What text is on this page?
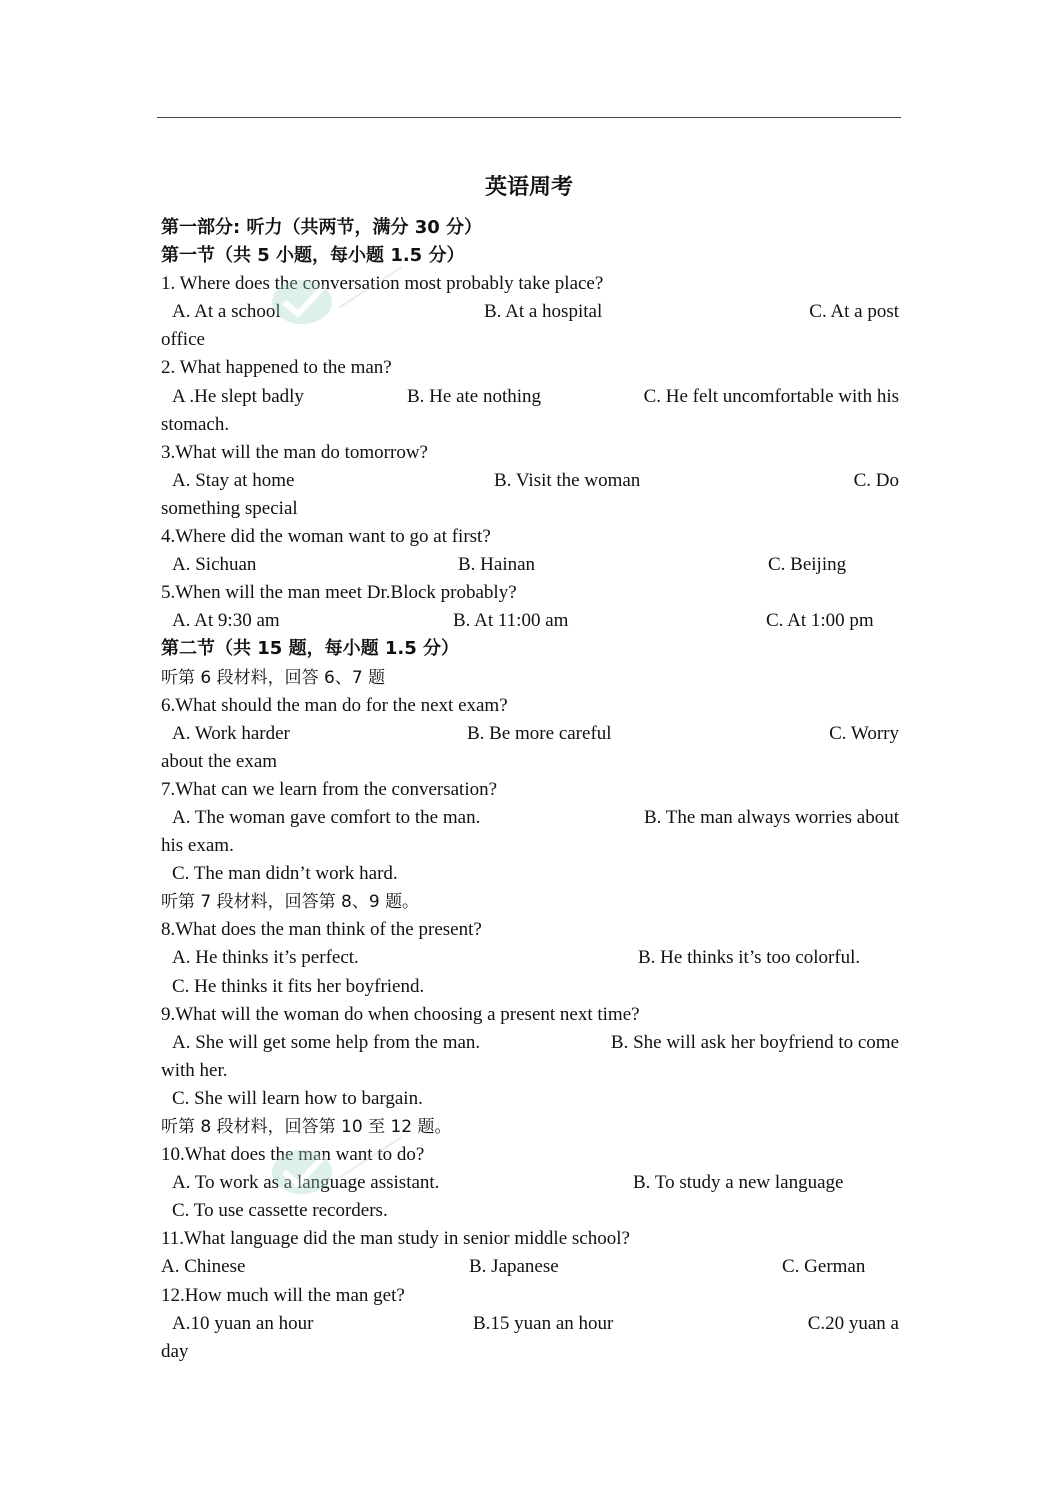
英语周考
第一部分: 听力（共两节，满分 30 分）
第一节（共 5 小题，每小题 1.5 分）
1. Where does the conversation most probably take place?
A. At a school	B. At a hospital	C. At a post
office
2. What happened to the man?
A .He slept badly	B. He ate nothing	C. He felt uncomfortable with his
stomach.
3.What will the man do tomorrow?
A. Stay at home	B. Visit the woman	C. Do
something special
4.Where did the woman want to go at first?
A. Sichuan	B. Hainan	C. Beijing
5.When will the man meet Dr.Block probably?
A. At 9:30 am	B. At 11:00 am	C. At 1:00 pm
第二节（共 15 题，每小题 1.5 分）
听第 6 段材料，回答 6、7 题
6.What should the man do for the next exam?
A. Work harder	B. Be more careful	C. Worry
about the exam
7.What can we learn from the conversation?
A. The woman gave comfort to the man.	B. The man always worries about
his exam.
C. The man didn’t work hard.
听第 7 段材料，回答第 8、9 题。
8.What does the man think of the present?
A. He thinks it’s perfect.	B. He thinks it’s too colorful.
C. He thinks it fits her boyfriend.
9.What will the woman do when choosing a present next time?
A. She will get some help from the man.	B. She will ask her boyfriend to come
with her.
C. She will learn how to bargain.
听第 8 段材料，回答第 10 至 12 题。
10.What does the man want to do?
A. To work as a language assistant.	B. To study a new language
C. To use cassette recorders.
11.What language did the man study in senior middle school?
A. Chinese	B. Japanese	C. German
12.How much will the man get?
A.10 yuan an hour	B.15 yuan an hour	C.20 yuan a
day
